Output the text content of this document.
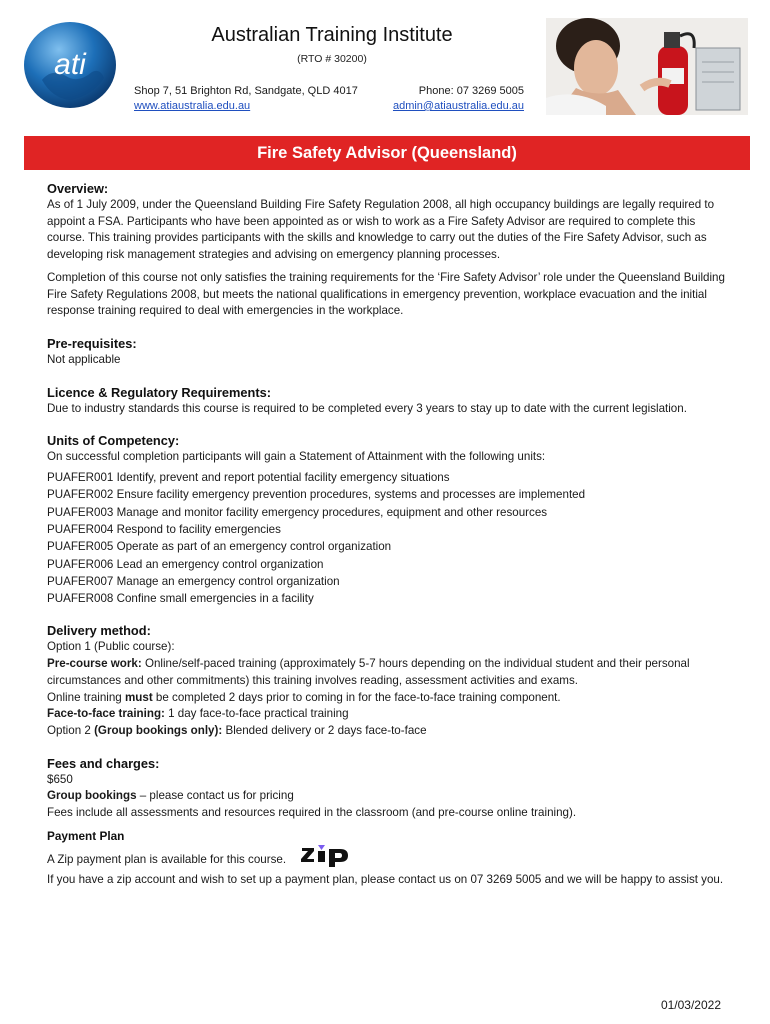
ati
Australian Training Institute
(RTO # 30200)
Shop 7, 51 Brighton Rd, Sandgate, QLD 4017
www.atiaustralia.edu.au
Phone: 07 3269 5005
admin@atiaustralia.edu.au
Fire Safety Advisor (Queensland)
Overview:

As of 1 July 2009, under the Queensland Building Fire Safety Regulation 2008, all high occupancy buildings are legally required to appoint a FSA. Participants who have been appointed as or wish to work as a Fire Safety Advisor are required to complete this course. This training provides participants with the skills and knowledge to carry out the duties of the Fire Safety Advisor, such as developing risk management strategies and advising on emergency planning processes.

Completion of this course not only satisfies the training requirements for the ‘Fire Safety Advisor’ role under the Queensland Building Fire Safety Regulations 2008, but meets the national qualifications in emergency prevention, workplace evacuation and the initial response training required to deal with emergencies in the workplace.

Pre-requisites:

Not applicable

Licence & Regulatory Requirements:

Due to industry standards this course is required to be completed every 3 years to stay up to date with the current legislation.

Units of Competency:

On successful completion participants will gain a Statement of Attainment with the following units:

PUAFER001 Identify, prevent and report potential facility emergency situations

PUAFER002 Ensure facility emergency prevention procedures, systems and processes are implemented

PUAFER003 Manage and monitor facility emergency procedures, equipment and other resources

PUAFER004 Respond to facility emergencies

PUAFER005 Operate as part of an emergency control organization

PUAFER006 Lead an emergency control organization

PUAFER007 Manage an emergency control organization

PUAFER008 Confine small emergencies in a facility

Delivery method:

Option 1 (Public course):

Pre-course work: Online/self-paced training (approximately 5-7 hours depending on the individual student and their personal circumstances and other commitments) this training involves reading, assessment activities and exams.

Online training must be completed 2 days prior to coming in for the face-to-face training component.

Face-to-face training: 1 day face-to-face practical training

Option 2 (Group bookings only): Blended delivery or 2 days face-to-face

Fees and charges:

$650

Group bookings – please contact us for pricing

Fees include all assessments and resources required in the classroom (and pre-course online training).

Payment Plan

A Zip payment plan is available for this course.
zip

If you have a zip account and wish to set up a payment plan, please contact us on 07 3269 5005 and we will be happy to assist you.

01/03/2022
